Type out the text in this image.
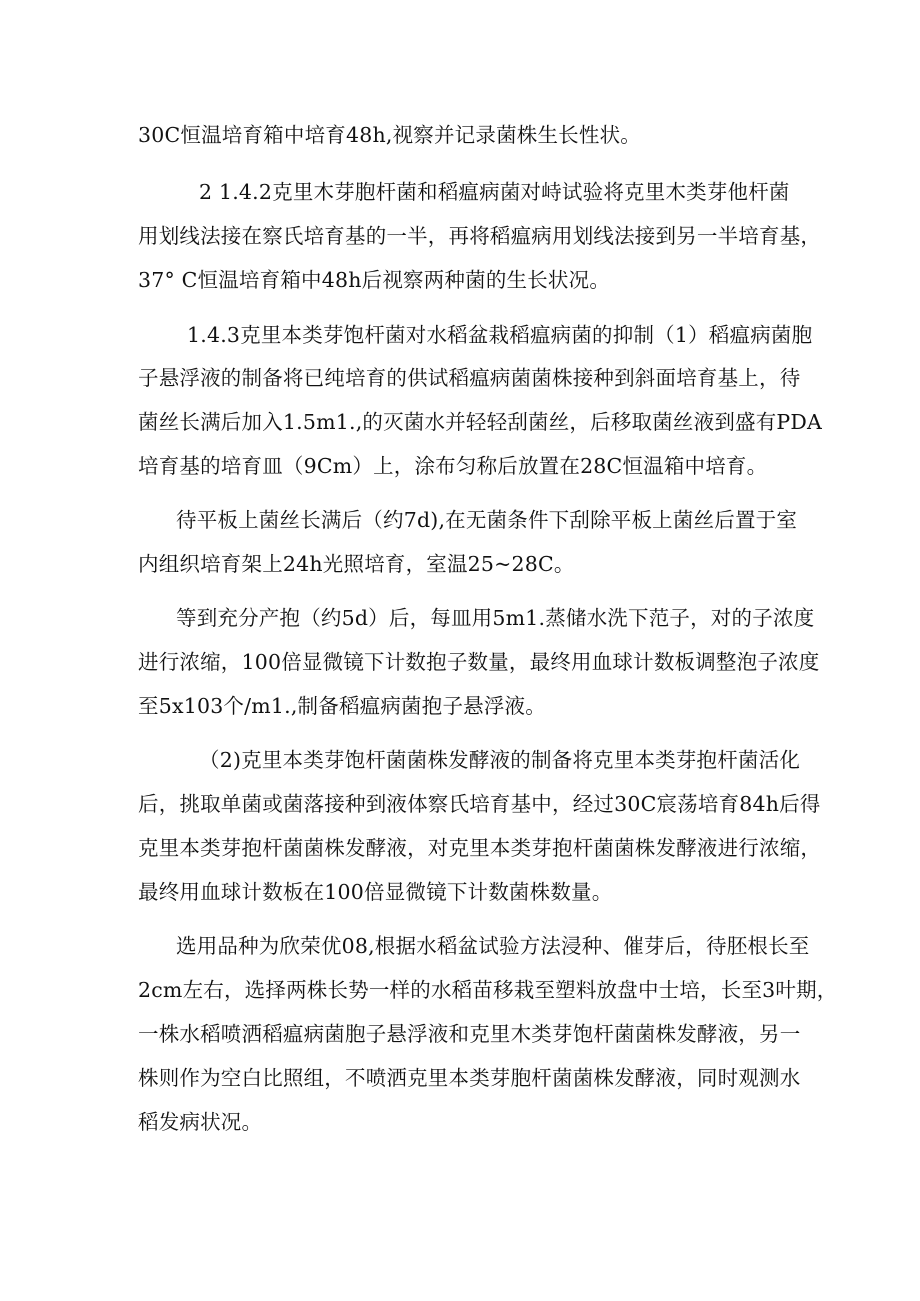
30C恒温培育箱中培育48h,视察并记录菌株生长性状。
2 1.4.2克里木芽胞杆菌和稻瘟病菌对峙试验将克里木类芽他杆菌
用划线法接在察氏培育基的一半，再将稻瘟病用划线法接到另一半培育基，
37° C恒温培育箱中48h后视察两种菌的生长状况。
1.4.3克里本类芽饱杆菌对水稻盆栽稻瘟病菌的抑制（1）稻瘟病菌胞
子悬浮液的制备将已纯培育的供试稻瘟病菌菌株接种到斜面培育基上，待
菌丝长满后加入1.5m1.,的灭菌水并轻轻刮菌丝，后移取菌丝液到盛有PDA
培育基的培育皿（9Cm）上，涂布匀称后放置在28C恒温箱中培育。
待平板上菌丝长满后（约7d),在无菌条件下刮除平板上菌丝后置于室
内组织培育架上24h光照培育，室温25~28C。
等到充分产抱（约5d）后，每皿用5m1.蒸储水洗下范子，对的子浓度
进行浓缩，100倍显微镜下计数抱子数量，最终用血球计数板调整泡子浓度
至5x103个/m1.,制备稻瘟病菌抱子悬浮液。
（2)克里本类芽饱杆菌菌株发酵液的制备将克里本类芽抱杆菌活化
后，挑取单菌或菌落接种到液体察氏培育基中，经过30C宸荡培育84h后得
克里本类芽抱杆菌菌株发酵液，对克里本类芽抱杆菌菌株发酵液进行浓缩，
最终用血球计数板在100倍显微镜下计数菌株数量。
选用品种为欣荣优08,根据水稻盆试验方法浸种、催芽后，待胚根长至
2cm左右，选择两株长势一样的水稻苗移栽至塑料放盘中士培，长至3叶期，
一株水稻喷洒稻瘟病菌胞子悬浮液和克里木类芽饱杆菌菌株发酵液，另一
株则作为空白比照组，不喷洒克里本类芽胞杆菌菌株发酵液，同时观测水
稻发病状况。
